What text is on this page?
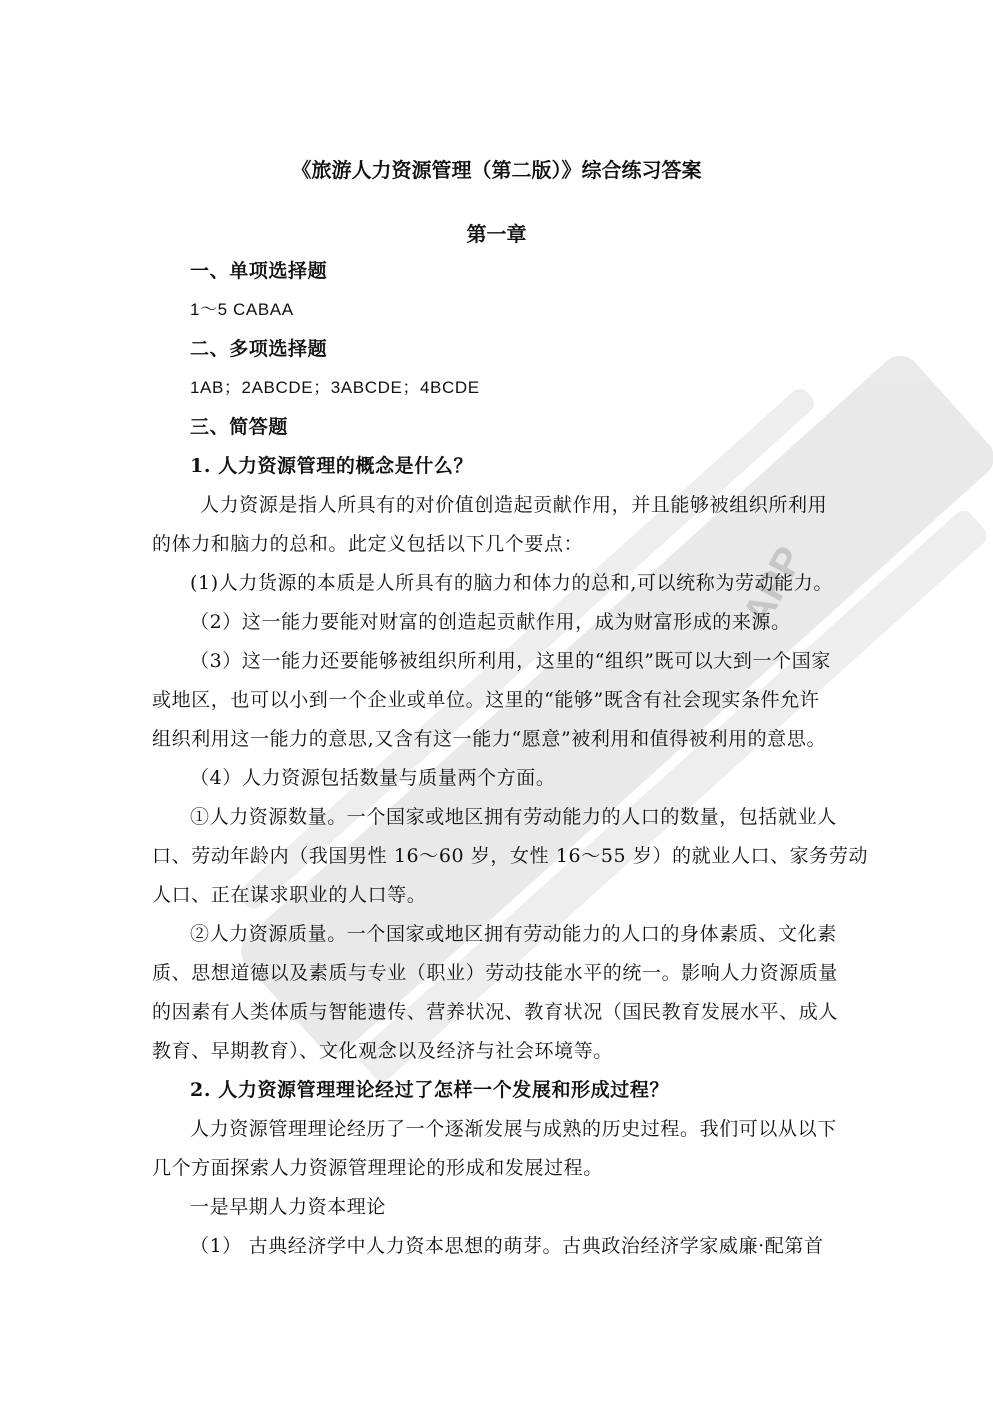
APP
《旅游人力资源管理（第二版）》综合练习答案
第一章
一、单项选择题
1～5 CABAA
二、多项选择题
1AB；2ABCDE；3ABCDE；4BCDE
三、简答题
1. 人力资源管理的概念是什么？
人力资源是指人所具有的对价值创造起贡献作用，并且能够被组织所利用
的体力和脑力的总和。此定义包括以下几个要点：
(1)人力货源的本质是人所具有的脑力和体力的总和,可以统称为劳动能力。
（2）这一能力要能对财富的创造起贡献作用，成为财富形成的来源。
（3）这一能力还要能够被组织所利用，这里的“组织”既可以大到一个国家
或地区，也可以小到一个企业或单位。这里的“能够”既含有社会现实条件允许
组织利用这一能力的意思,又含有这一能力“愿意”被利用和值得被利用的意思。
（4）人力资源包括数量与质量两个方面。
①人力资源数量。一个国家或地区拥有劳动能力的人口的数量，包括就业人
口、劳动年龄内（我国男性 16～60 岁，女性 16～55 岁）的就业人口、家务劳动
人口、正在谋求职业的人口等。
②人力资源质量。一个国家或地区拥有劳动能力的人口的身体素质、文化素
质、思想道德以及素质与专业（职业）劳动技能水平的统一。影响人力资源质量
的因素有人类体质与智能遗传、营养状况、教育状况（国民教育发展水平、成人
教育、早期教育）、文化观念以及经济与社会环境等。
2. 人力资源管理理论经过了怎样一个发展和形成过程？
人力资源管理理论经历了一个逐渐发展与成熟的历史过程。我们可以从以下
几个方面探索人力资源管理理论的形成和发展过程。
一是早期人力资本理论
（1） 古典经济学中人力资本思想的萌芽。古典政治经济学家威廉·配第首
